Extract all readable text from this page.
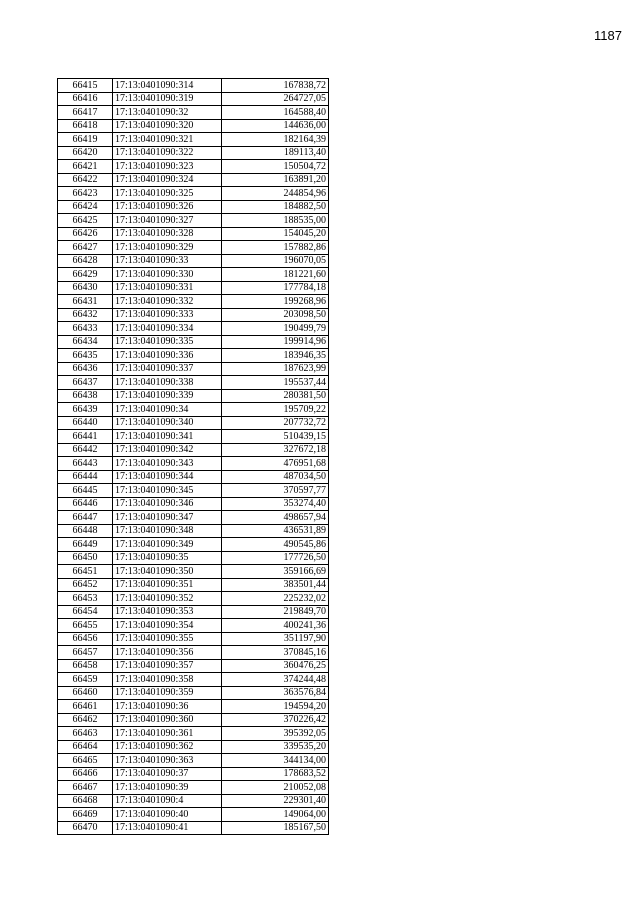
1187
66415	17:13:0401090:314	167838,72
66416	17:13:0401090:319	264727,05
66417	17:13:0401090:32	164588,40
66418	17:13:0401090:320	144636,00
66419	17:13:0401090:321	182164,39
66420	17:13:0401090:322	189113,40
66421	17:13:0401090:323	150504,72
66422	17:13:0401090:324	163891,20
66423	17:13:0401090:325	244854,96
66424	17:13:0401090:326	184882,50
66425	17:13:0401090:327	188535,00
66426	17:13:0401090:328	154045,20
66427	17:13:0401090:329	157882,86
66428	17:13:0401090:33	196070,05
66429	17:13:0401090:330	181221,60
66430	17:13:0401090:331	177784,18
66431	17:13:0401090:332	199268,96
66432	17:13:0401090:333	203098,50
66433	17:13:0401090:334	190499,79
66434	17:13:0401090:335	199914,96
66435	17:13:0401090:336	183946,35
66436	17:13:0401090:337	187623,99
66437	17:13:0401090:338	195537,44
66438	17:13:0401090:339	280381,50
66439	17:13:0401090:34	195709,22
66440	17:13:0401090:340	207732,72
66441	17:13:0401090:341	510439,15
66442	17:13:0401090:342	327672,18
66443	17:13:0401090:343	476951,68
66444	17:13:0401090:344	487034,50
66445	17:13:0401090:345	370597,77
66446	17:13:0401090:346	353274,40
66447	17:13:0401090:347	498657,94
66448	17:13:0401090:348	436531,89
66449	17:13:0401090:349	490545,86
66450	17:13:0401090:35	177726,50
66451	17:13:0401090:350	359166,69
66452	17:13:0401090:351	383501,44
66453	17:13:0401090:352	225232,02
66454	17:13:0401090:353	219849,70
66455	17:13:0401090:354	400241,36
66456	17:13:0401090:355	351197,90
66457	17:13:0401090:356	370845,16
66458	17:13:0401090:357	360476,25
66459	17:13:0401090:358	374244,48
66460	17:13:0401090:359	363576,84
66461	17:13:0401090:36	194594,20
66462	17:13:0401090:360	370226,42
66463	17:13:0401090:361	395392,05
66464	17:13:0401090:362	339535,20
66465	17:13:0401090:363	344134,00
66466	17:13:0401090:37	178683,52
66467	17:13:0401090:39	210052,08
66468	17:13:0401090:4	229301,40
66469	17:13:0401090:40	149064,00
66470	17:13:0401090:41	185167,50
